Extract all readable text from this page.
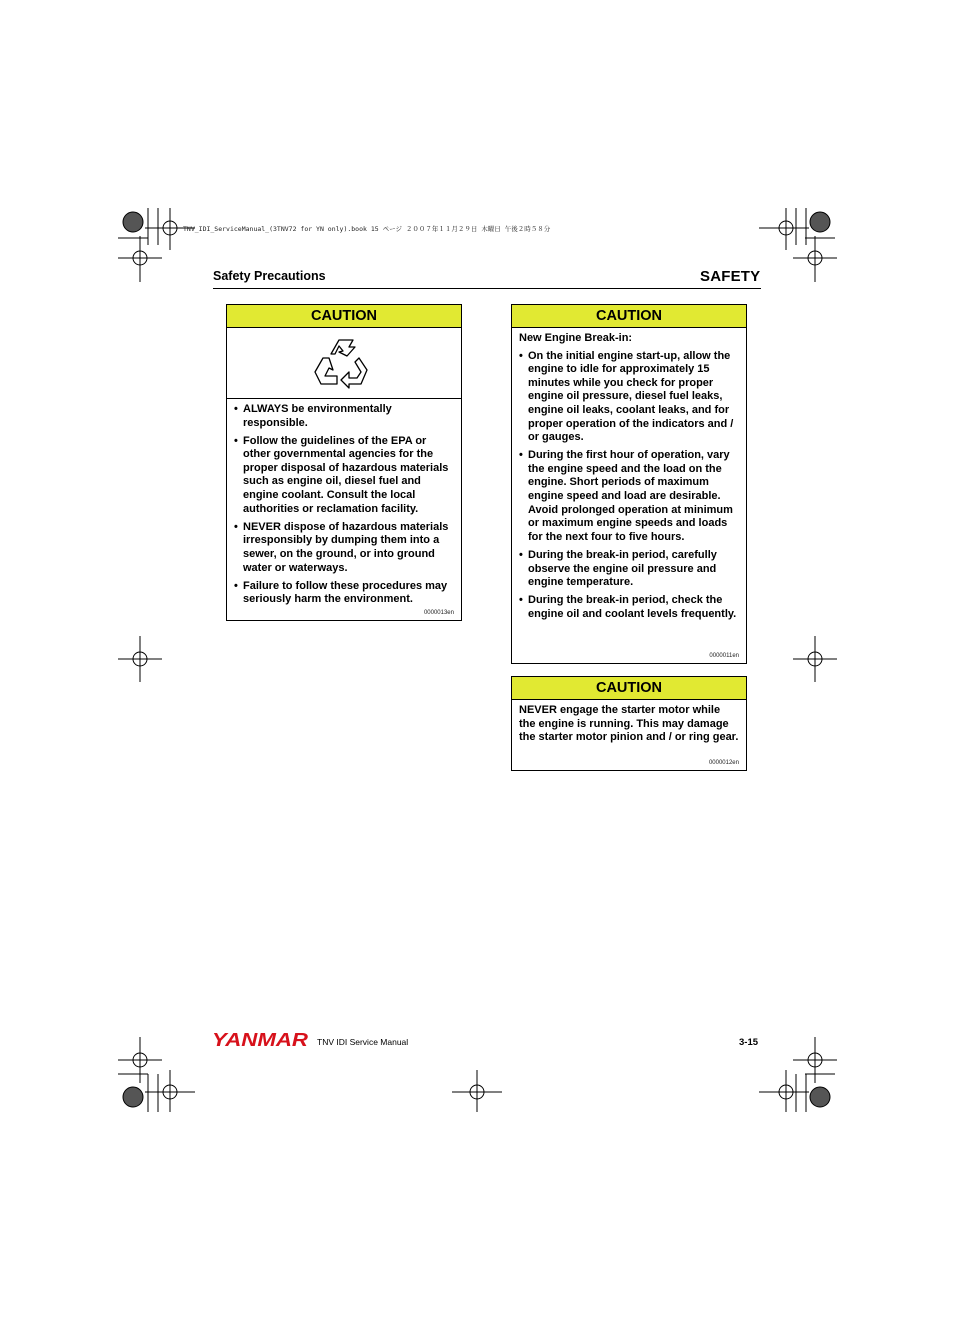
TNV_IDI_ServiceManual_(3TNV72 for YN only).book 15 ページ ２００７年１１月２９日 木曜日 午後２時５８分
Safety Precautions	SAFETY
CAUTION
• ALWAYS be environmentally responsible.
• Follow the guidelines of the EPA or other governmental agencies for the proper disposal of hazardous materials such as engine oil, diesel fuel and engine coolant. Consult the local authorities or reclamation facility.
• NEVER dispose of hazardous materials irresponsibly by dumping them into a sewer, on the ground, or into ground water or waterways.
• Failure to follow these procedures may seriously harm the environment.
0000013en
CAUTION

New Engine Break-in:

• On the initial engine start-up, allow the engine to idle for approximately 15 minutes while you check for proper engine oil pressure, diesel fuel leaks, engine oil leaks, coolant leaks, and for proper operation of the indicators and / or gauges.
• During the first hour of operation, vary the engine speed and the load on the engine. Short periods of maximum engine speed and load are desirable. Avoid prolonged operation at minimum or maximum engine speeds and loads for the next four to five hours.
• During the break-in period, carefully observe the engine oil pressure and engine temperature.
• During the break-in period, check the engine oil and coolant levels frequently.
0000011en
CAUTION

NEVER engage the starter motor while the engine is running. This may damage the starter motor pinion and / or ring gear.

0000012en
YANMAR TNV IDI Service Manual	3-15
